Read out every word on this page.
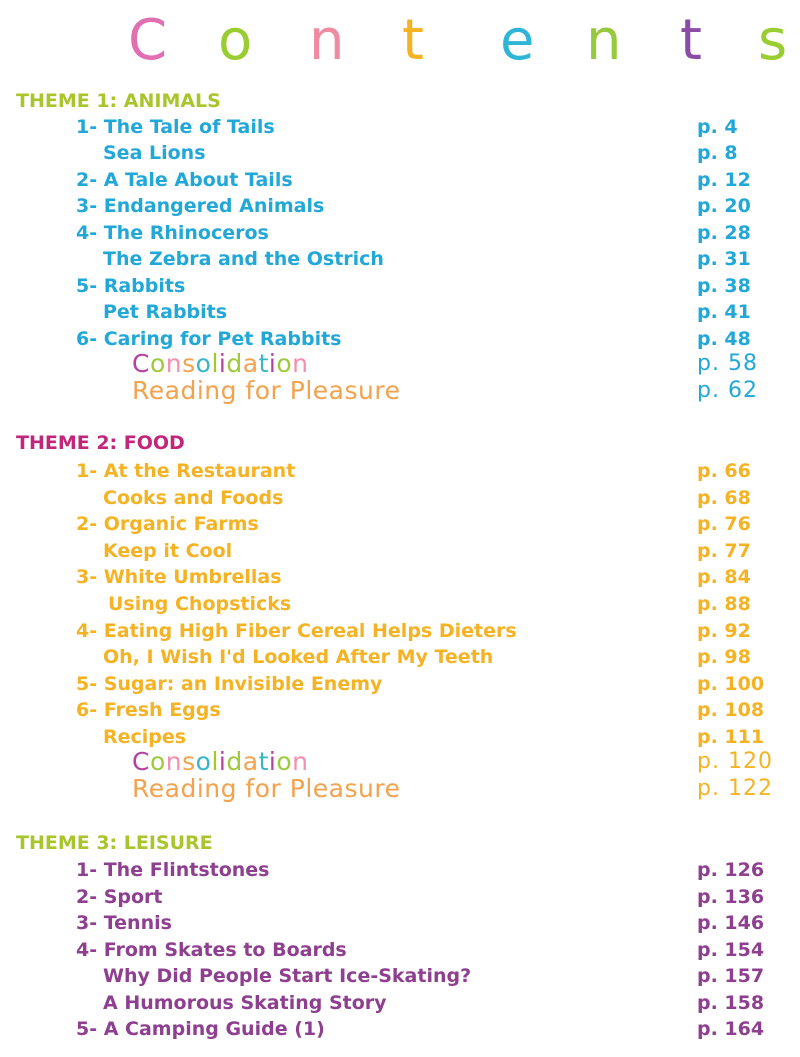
C o n t e n t s
THEME 1: ANIMALS
1- The Tale of Tails	p. 4
Sea Lions	p. 8
2- A Tale About Tails	p. 12
3- Endangered Animals	p. 20
4- The Rhinoceros	p. 28
The Zebra and the Ostrich	p. 31
5- Rabbits	p. 38
Pet Rabbits	p. 41
6- Caring for Pet Rabbits	p. 48
Consolidation	p. 58
Reading for Pleasure	p. 62
THEME 2: FOOD
1- At the Restaurant	p. 66
Cooks and Foods	p. 68
2- Organic Farms	p. 76
Keep it Cool	p. 77
3- White Umbrellas	p. 84
Using Chopsticks	p. 88
4- Eating High Fiber Cereal Helps Dieters	p. 92
Oh, I Wish I'd Looked After My Teeth	p. 98
5- Sugar: an Invisible Enemy	p. 100
6- Fresh Eggs	p. 108
Recipes	p. 111
Consolidation	p. 120
Reading for Pleasure	p. 122
THEME 3: LEISURE
1- The Flintstones	p. 126
2- Sport	p. 136
3- Tennis	p. 146
4- From Skates to Boards	p. 154
Why Did People Start Ice-Skating?	p. 157
A Humorous Skating Story	p. 158
5- A Camping Guide (1)	p. 164
